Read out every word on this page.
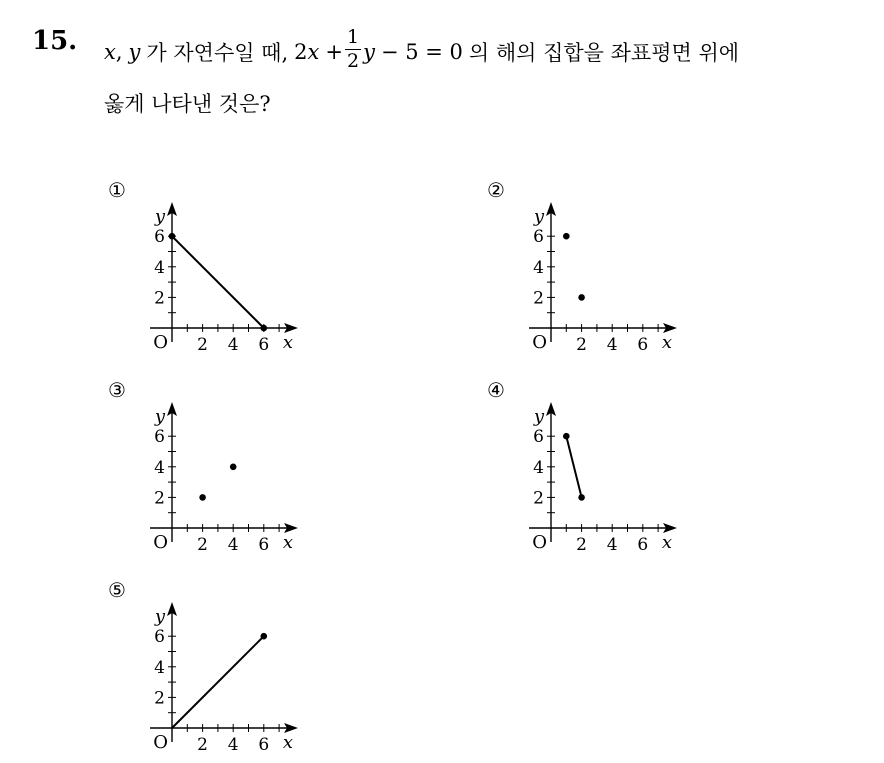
15. x , y 가 자연수일 때, 2 $x + \frac{1}{2}$ y − 5 = 0 의 해의 집합을 좌표평면 위에
옳게 나타낸 것은?
①
2 4 6
2
4
6
O	x
y
②
2 4 6
2
4
6
O	x
y
③
2 4 6
2
4
6
O	x
y
④
2 4 6
2
4
6
O	x
y
⑤
2 4 6
2
4
6
O	x
y
